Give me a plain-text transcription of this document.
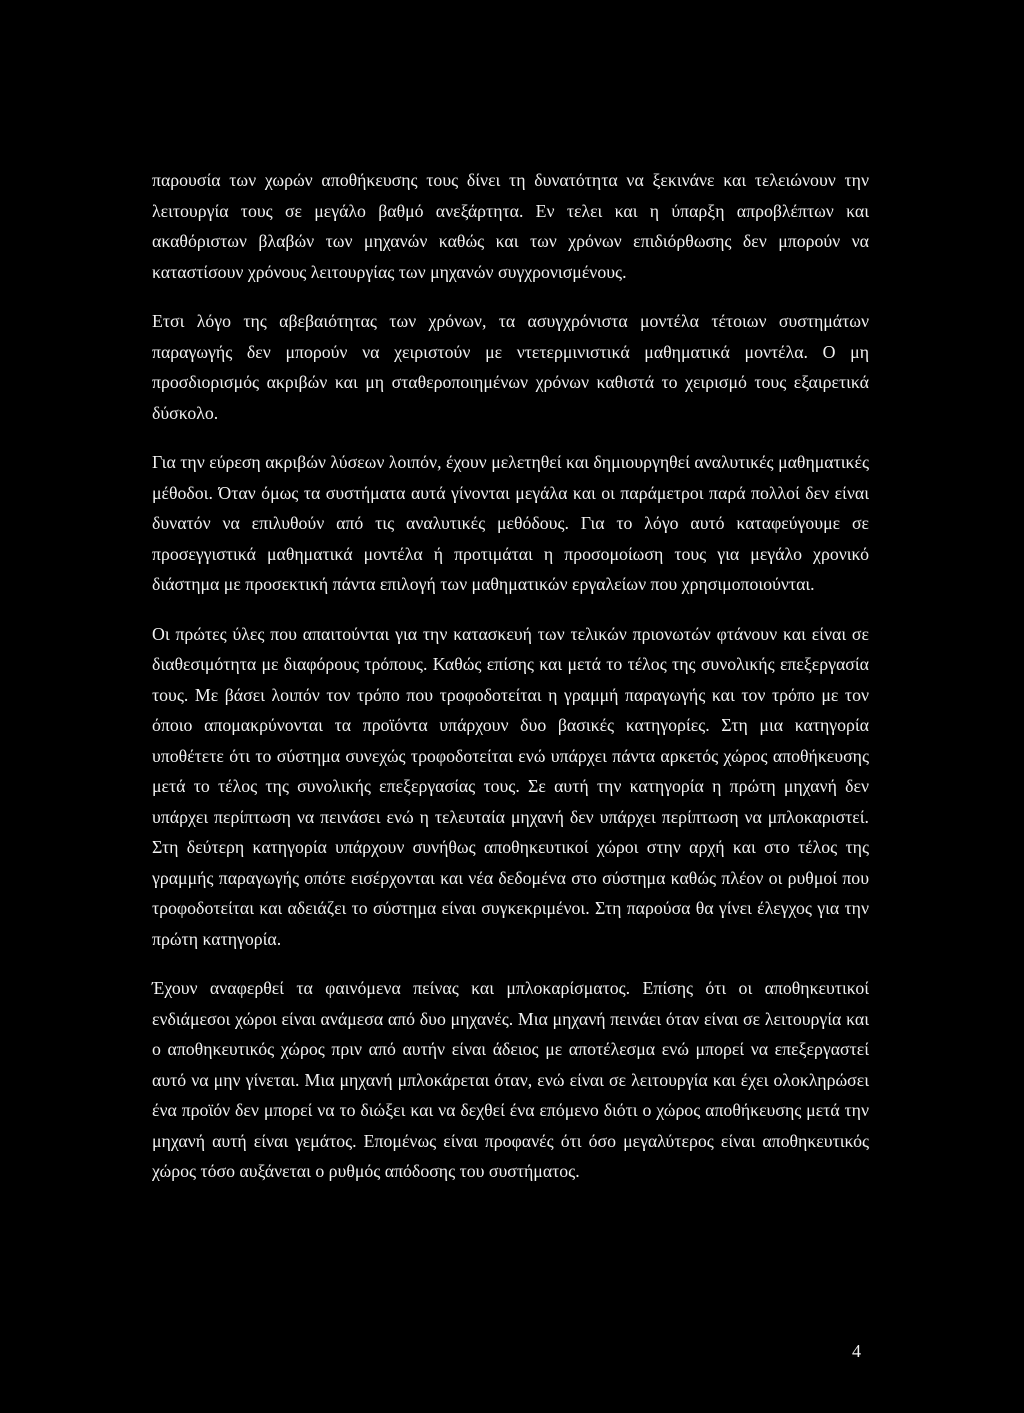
παρουσία των χωρών αποθήκευσης τους δίνει τη δυνατότητα να ξεκινάνε και τελειώνουν την λειτουργία τους σε μεγάλο βαθμό ανεξάρτητα. Εν τελει και η ύπαρξη απροβλέπτων και ακαθόριστων βλαβών των μηχανών καθώς και των χρόνων επιδιόρθωσης δεν μπορούν να καταστίσουν χρόνους λειτουργίας των μηχανών συγχρονισμένους.

Ετσι λόγο της αβεβαιότητας των χρόνων, τα ασυγχρόνιστα μοντέλα τέτοιων συστημάτων παραγωγής δεν μπορούν να χειριστούν με ντετερμινιστικά μαθηματικά μοντέλα. Ο μη προσδιορισμός ακριβών και μη σταθεροποιημένων χρόνων καθιστά το χειρισμό τους εξαιρετικά δύσκολο.

Για την εύρεση ακριβών λύσεων λοιπόν, έχουν μελετηθεί και δημιουργηθεί αναλυτικές μαθηματικές μέθοδοι. Όταν όμως τα συστήματα αυτά γίνονται μεγάλα και οι παράμετροι παρά πολλοί δεν είναι δυνατόν να επιλυθούν από τις αναλυτικές μεθόδους. Για το λόγο αυτό καταφεύγουμε σε προσεγγιστικά μαθηματικά μοντέλα ή προτιμάται η προσομοίωση τους για μεγάλο χρονικό διάστημα με προσεκτική πάντα επιλογή των μαθηματικών εργαλείων που χρησιμοποιούνται.

Οι πρώτες ύλες που απαιτούνται για την κατασκευή των τελικών πριονωτών φτάνουν και είναι σε διαθεσιμότητα με διαφόρους τρόπους. Καθώς επίσης και μετά το τέλος της συνολικής επεξεργασία τους. Με βάσει λοιπόν τον τρόπο που τροφοδοτείται η γραμμή παραγωγής και τον τρόπο με τον όποιο απομακρύνονται τα προϊόντα υπάρχουν δυο βασικές κατηγορίες. Στη μια κατηγορία υποθέτετε ότι το σύστημα συνεχώς τροφοδοτείται ενώ υπάρχει πάντα αρκετός χώρος αποθήκευσης μετά το τέλος της συνολικής επεξεργασίας τους. Σε αυτή την κατηγορία η πρώτη μηχανή δεν υπάρχει περίπτωση να πεινάσει ενώ η τελευταία μηχανή δεν υπάρχει περίπτωση να μπλοκαριστεί. Στη δεύτερη κατηγορία υπάρχουν συνήθως αποθηκευτικοί χώροι στην αρχή και στο τέλος της γραμμής παραγωγής οπότε εισέρχονται και νέα δεδομένα στο σύστημα καθώς πλέον οι ρυθμοί που τροφοδοτείται και αδειάζει το σύστημα είναι συγκεκριμένοι. Στη παρούσα θα γίνει έλεγχος για την πρώτη κατηγορία.

Έχουν αναφερθεί τα φαινόμενα πείνας και μπλοκαρίσματος. Επίσης ότι οι αποθηκευτικοί ενδιάμεσοι χώροι είναι ανάμεσα από δυο μηχανές. Μια μηχανή πεινάει όταν είναι σε λειτουργία και ο αποθηκευτικός χώρος πριν από αυτήν είναι άδειος με αποτέλεσμα ενώ μπορεί να επεξεργαστεί αυτό να μην γίνεται. Μια μηχανή μπλοκάρεται όταν, ενώ είναι σε λειτουργία και έχει ολοκληρώσει ένα προϊόν δεν μπορεί να το διώξει και να δεχθεί ένα επόμενο διότι ο χώρος αποθήκευσης μετά την μηχανή αυτή είναι γεμάτος. Επομένως είναι προφανές ότι όσο μεγαλύτερος είναι αποθηκευτικός χώρος τόσο αυξάνεται ο ρυθμός απόδοσης του συστήματος.

4
